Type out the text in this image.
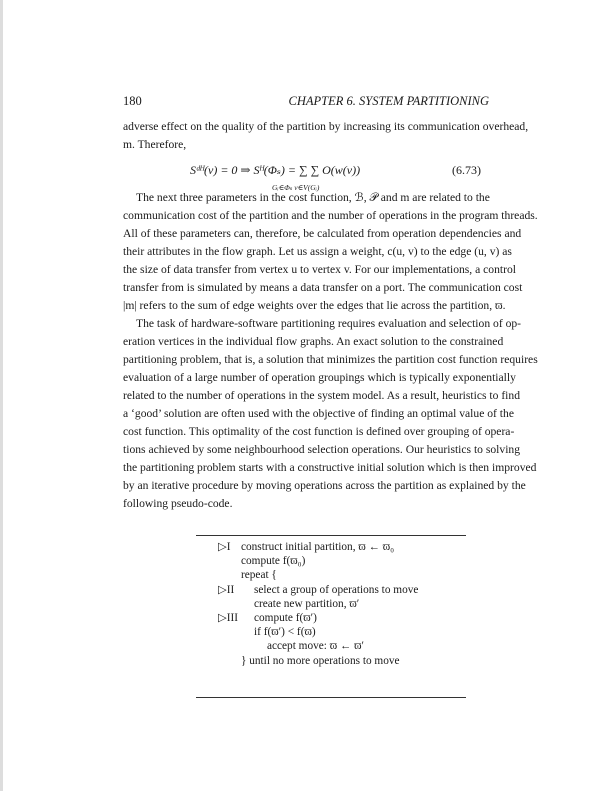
180	CHAPTER 6. SYSTEM PARTITIONING
adverse effect on the quality of the partition by increasing its communication overhead,
m. Therefore,
The next three parameters in the cost function, ℬ, 𝒫 and m are related to the
communication cost of the partition and the number of operations in the program threads.
All of these parameters can, therefore, be calculated from operation dependencies and
their attributes in the flow graph. Let us assign a weight, c(u, v) to the edge (u, v) as
the size of data transfer from vertex u to vertex v. For our implementations, a control
transfer from is simulated by means a data transfer on a port. The communication cost
|m| refers to the sum of edge weights over the edges that lie across the partition, ϖ.
The task of hardware-software partitioning requires evaluation and selection of op-
eration vertices in the individual flow graphs. An exact solution to the constrained
partitioning problem, that is, a solution that minimizes the partition cost function requires
evaluation of a large number of operation groupings which is typically exponentially
related to the number of operations in the system model. As a result, heuristics to find
a ‘good’ solution are often used with the objective of finding an optimal value of the
cost function. This optimality of the cost function is defined over grouping of opera-
tions achieved by some neighbourhood selection operations. Our heuristics to solving
the partitioning problem starts with a constructive initial solution which is then improved
by an iterative procedure by moving operations across the partition as explained by the
following pseudo-code.
Sᵈᴴ(v) = 0 ⇒ Sᴴ(Φₛ) = ∑ ∑ O(w(v))
Gᵢ∈Φₛ v∈V(Gᵢ)
(6.73)
▷I construct initial partition, ϖ ← ϖ₀
compute f(ϖ₀)
repeat {
▷II select a group of operations to move
create new partition, ϖ′
▷III compute f(ϖ′)
if f(ϖ′) < f(ϖ)
accept move: ϖ ← ϖ′
} until no more operations to move
